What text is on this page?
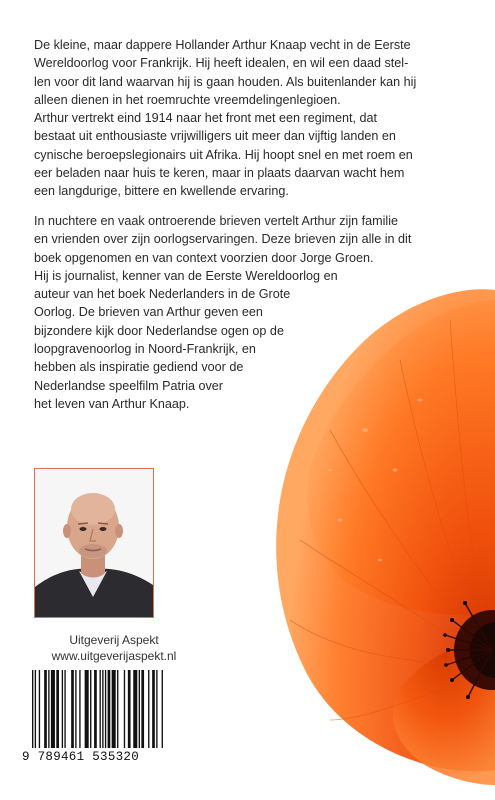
De kleine, maar dappere Hollander Arthur Knaap vecht in de Eerste
Wereldoorlog voor Frankrijk. Hij heeft idealen, en wil een daad stel-
len voor dit land waarvan hij is gaan houden. Als buitenlander kan hij
alleen dienen in het roemruchte vreemdelingenlegioen.
Arthur vertrekt eind 1914 naar het front met een regiment, dat
bestaat uit enthousiaste vrijwilligers uit meer dan vijftig landen en
cynische beroepslegionairs uit Afrika. Hij hoopt snel en met roem en
eer beladen naar huis te keren, maar in plaats daarvan wacht hem
een langdurige, bittere en kwellende ervaring.

In nuchtere en vaak ontroerende brieven vertelt Arthur zijn familie
en vrienden over zijn oorlogservaringen. Deze brieven zijn alle in dit
boek opgenomen en van context voorzien door Jorge Groen.
Hij is journalist, kenner van de Eerste Wereldoorlog en
auteur van het boek Nederlanders in de Grote
Oorlog. De brieven van Arthur geven een
bijzondere kijk door Nederlandse ogen op de
loopgravenoorlog in Noord-Frankrijk, en
hebben als inspiratie gediend voor de
Nederlandse speelfilm Patria over
het leven van Arthur Knaap.

Uitgeverij Aspekt
www.uitgeverijaspekt.nl
9 789461 535320
